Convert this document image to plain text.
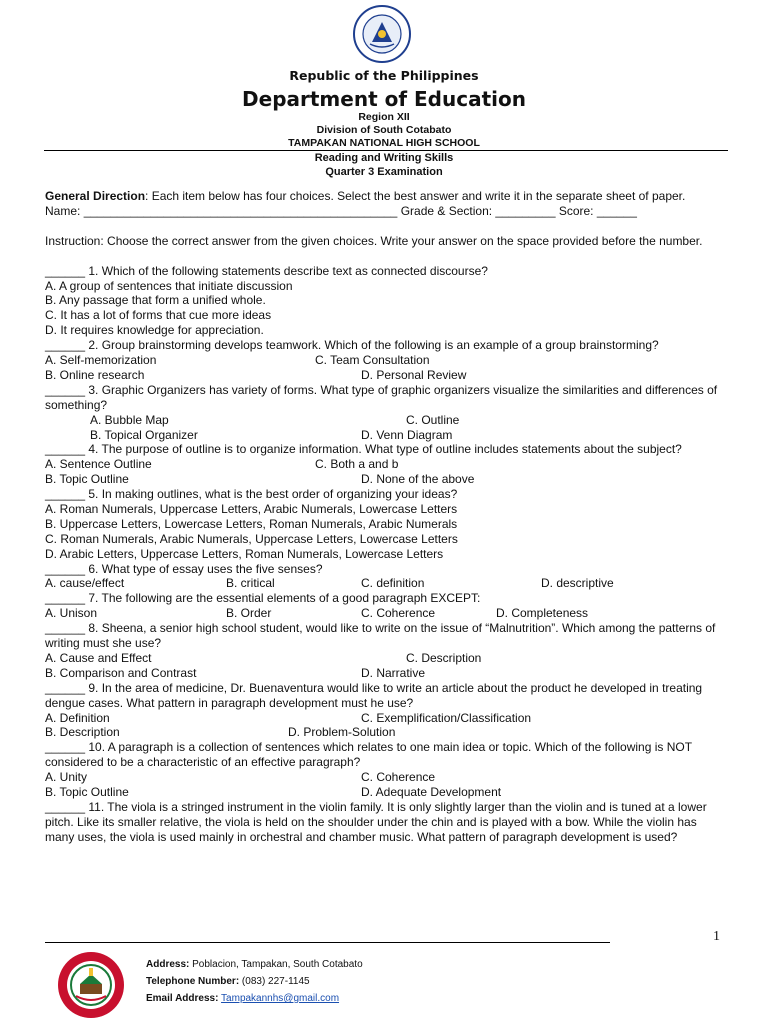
Republic of the Philippines
Department of Education
Region XII
Division of South Cotabato
TAMPAKAN NATIONAL HIGH SCHOOL
Reading and Writing Skills
Quarter 3 Examination
General Direction: Each item below has four choices. Select the best answer and write it in the separate sheet of paper.
Name: _______________________________________________ Grade & Section: _________ Score: ______
Instruction: Choose the correct answer from the given choices. Write your answer on the space provided before the number.
______ 1. Which of the following statements describe text as connected discourse?
A. A group of sentences that initiate discussion
B. Any passage that form a unified whole.
C. It has a lot of forms that cue more ideas
D. It requires knowledge for appreciation.
______ 2. Group brainstorming develops teamwork. Which of the following is an example of a group brainstorming?
A. Self-memorization	C. Team Consultation
B. Online research	D. Personal Review
______ 3. Graphic Organizers has variety of forms. What type of graphic organizers visualize the similarities and differences of something?
A. Bubble Map	C. Outline
B. Topical Organizer	D. Venn Diagram
______ 4. The purpose of outline is to organize information. What type of outline includes statements about the subject?
A. Sentence Outline	C. Both a and b
B. Topic Outline	D. None of the above
______ 5. In making outlines, what is the best order of organizing your ideas?
A. Roman Numerals, Uppercase Letters, Arabic Numerals, Lowercase Letters
B. Uppercase Letters, Lowercase Letters, Roman Numerals, Arabic Numerals
C. Roman Numerals, Arabic Numerals, Uppercase Letters, Lowercase Letters
D. Arabic Letters, Uppercase Letters, Roman Numerals, Lowercase Letters
______ 6. What type of essay uses the five senses?
A. cause/effect	B. critical	C. definition	D. descriptive
______ 7. The following are the essential elements of a good paragraph EXCEPT:
A. Unison	B. Order	C. Coherence	D. Completeness
______ 8. Sheena, a senior high school student, would like to write on the issue of “Malnutrition”. Which among the patterns of writing must she use?
A. Cause and Effect	C. Description
B. Comparison and Contrast	D. Narrative
______ 9. In the area of medicine, Dr. Buenaventura would like to write an article about the product he developed in treating dengue cases. What pattern in paragraph development must he use?
A. Definition	C. Exemplification/Classification
B. Description	D. Problem-Solution
______ 10. A paragraph is a collection of sentences which relates to one main idea or topic. Which of the following is NOT considered to be a characteristic of an effective paragraph?
A. Unity	C. Coherence
B. Topic Outline	D. Adequate Development
______ 11. The viola is a stringed instrument in the violin family. It is only slightly larger than the violin and is tuned at a lower pitch. Like its smaller relative, the viola is held on the shoulder under the chin and is played with a bow. While the violin has many uses, the viola is used mainly in orchestral and chamber music. What pattern of paragraph development is used?
1
Address: Poblacion, Tampakan, South Cotabato
Telephone Number: (083) 227-1145
Email Address: Tampakannhs@gmail.com
